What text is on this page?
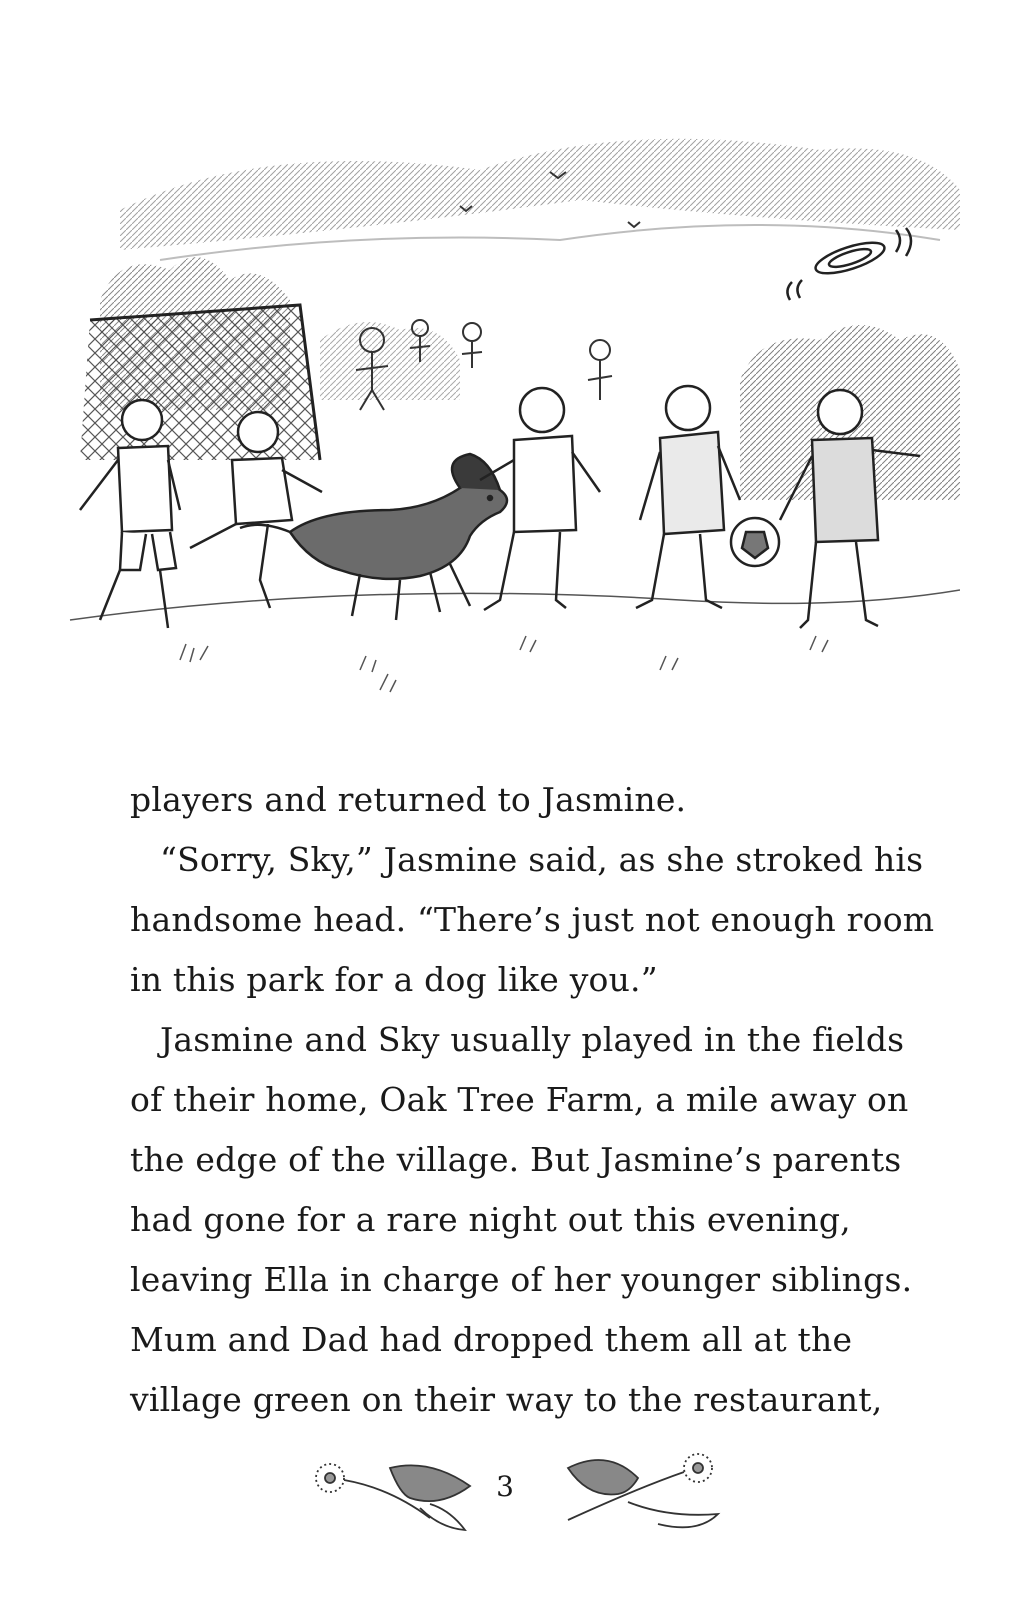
players and returned to Jasmine.
“Sorry, Sky,” Jasmine said, as she stroked his
handsome head. “There’s just not enough room
in this park for a dog like you.”
Jasmine and Sky usually played in the fields
of their home, Oak Tree Farm, a mile away on
the edge of the village. But Jasmine’s parents
had gone for a rare night out this evening,
leaving Ella in charge of her younger siblings.
Mum and Dad had dropped them all at the
village green on their way to the restaurant,
3
